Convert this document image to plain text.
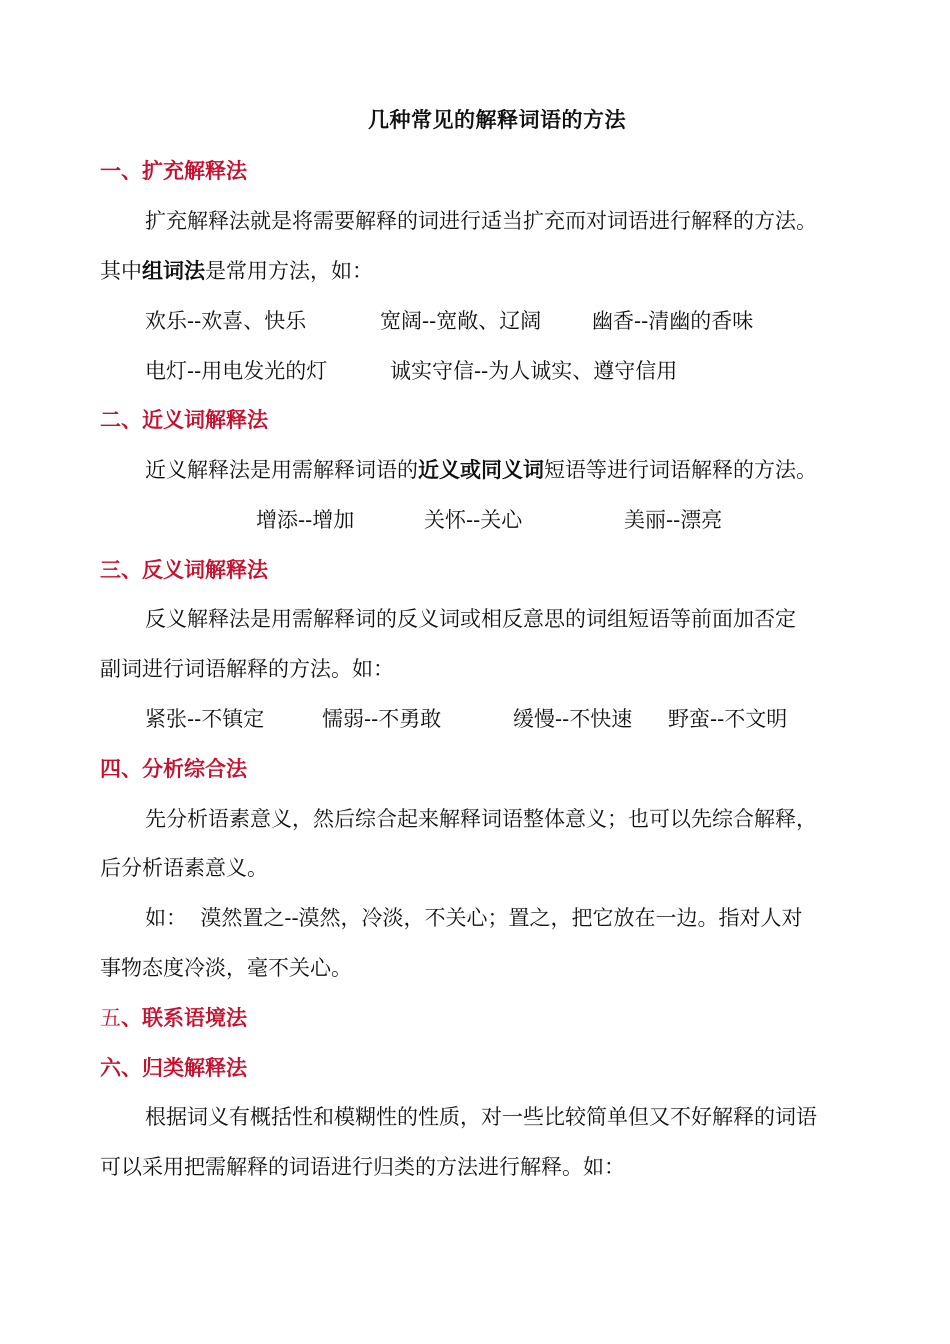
几种常见的解释词语的方法
一、扩充解释法
扩充解释法就是将需要解释的词进行适当扩充而对词语进行解释的方法。
其中组词法是常用方法，如：
欢乐--欢喜、快乐	宽阔--宽敞、辽阔 幽香--清幽的香味
电灯--用电发光的灯	诚实守信--为人诚实、遵守信用
二、近义词解释法
近义解释法是用需解释词语的近义或同义词短语等进行词语解释的方法。
增添--增加	关怀--关心	美丽--漂亮
三、反义词解释法
反义解释法是用需解释词的反义词或相反意思的词组短语等前面加否定
副词进行词语解释的方法。如：
紧张--不镇定	懦弱--不勇敢	缓慢--不快速 野蛮--不文明
四、分析综合法
先分析语素意义，然后综合起来解释词语整体意义；也可以先综合解释，
后分析语素意义。
如：  漠然置之--漠然，冷淡，不关心；置之，把它放在一边。指对人对
事物态度冷淡，毫不关心。
五、联系语境法
六、归类解释法
根据词义有概括性和模糊性的性质，对一些比较简单但又不好解释的词语
可以采用把需解释的词语进行归类的方法进行解释。如：
